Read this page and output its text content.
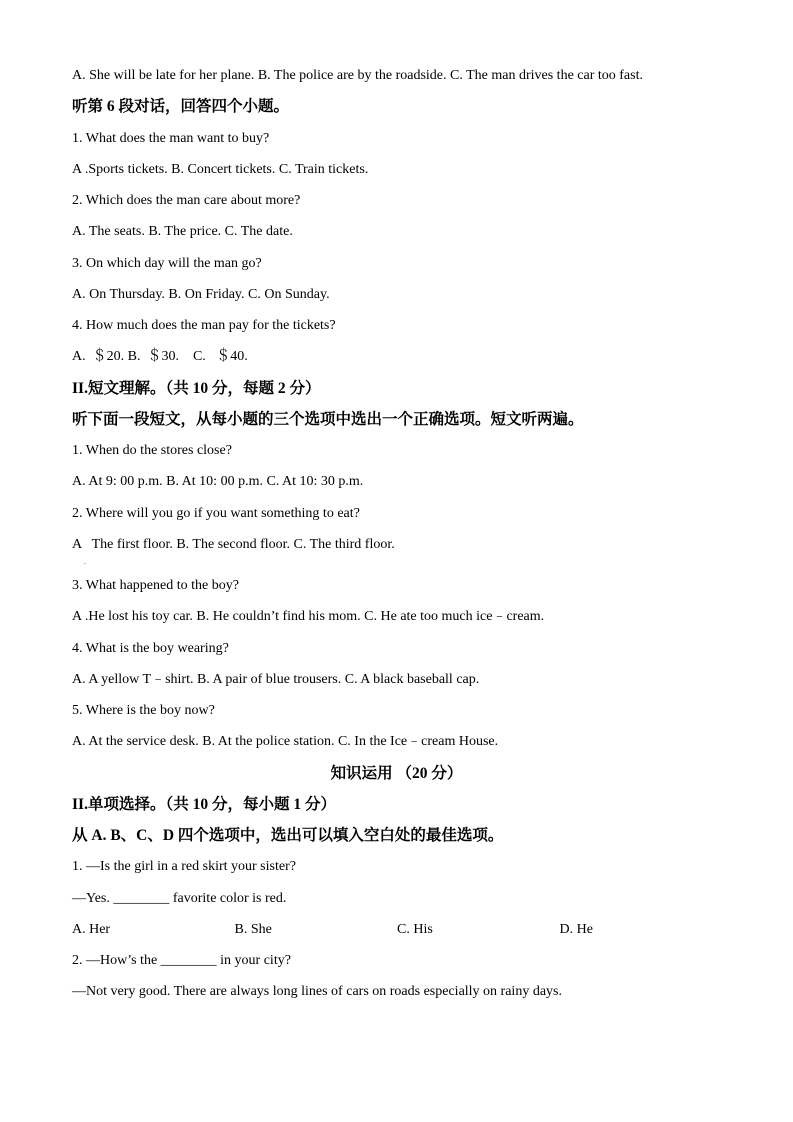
A. She will be late for her plane. B. The police are by the roadside. C. The man drives the car too fast.
听第 6 段对话，回答四个小题。
1. What does the man want to buy?
A .Sports tickets. B. Concert tickets. C. Train tickets.
2. Which does the man care about more?
A. The seats. B. The price. C. The date.
3. On which day will the man go?
A. On Thursday. B. On Friday. C. On Sunday.
4. How much does the man pay for the tickets?
A.  ＄20. B.  ＄30.    C.   ＄40.
II.短文理解。（共 10 分，每题 2 分）
听下面一段短文，从每小题的三个选项中选出一个正确选项。短文听两遍。
1. When do the stores close?
A. At 9: 00 p.m. B. At 10: 00 p.m. C. At 10: 30 p.m.
2. Where will you go if you want something to eat?
A   The first floor. B. The second floor. C. The third floor.
.
3. What happened to the boy?
A .He lost his toy car. B. He couldn’t find his mom. C. He ate too much ice﹣cream.
4. What is the boy wearing?
A. A yellow T﹣shirt. B. A pair of blue trousers. C. A black baseball cap.
5. Where is the boy now?
A. At the service desk. B. At the police station. C. In the Ice﹣cream House.
知识运用 （20 分）
II.单项选择。（共 10 分，每小题 1 分）
从 A. B、C、D 四个选项中，选出可以填入空白处的最佳选项。
1. —Is the girl in a red skirt your sister?
—Yes. ________ favorite color is red.
A. Her	B. She	C. His	D. He
2. —How’s the ________ in your city?
—Not very good. There are always long lines of cars on roads especially on rainy days.
